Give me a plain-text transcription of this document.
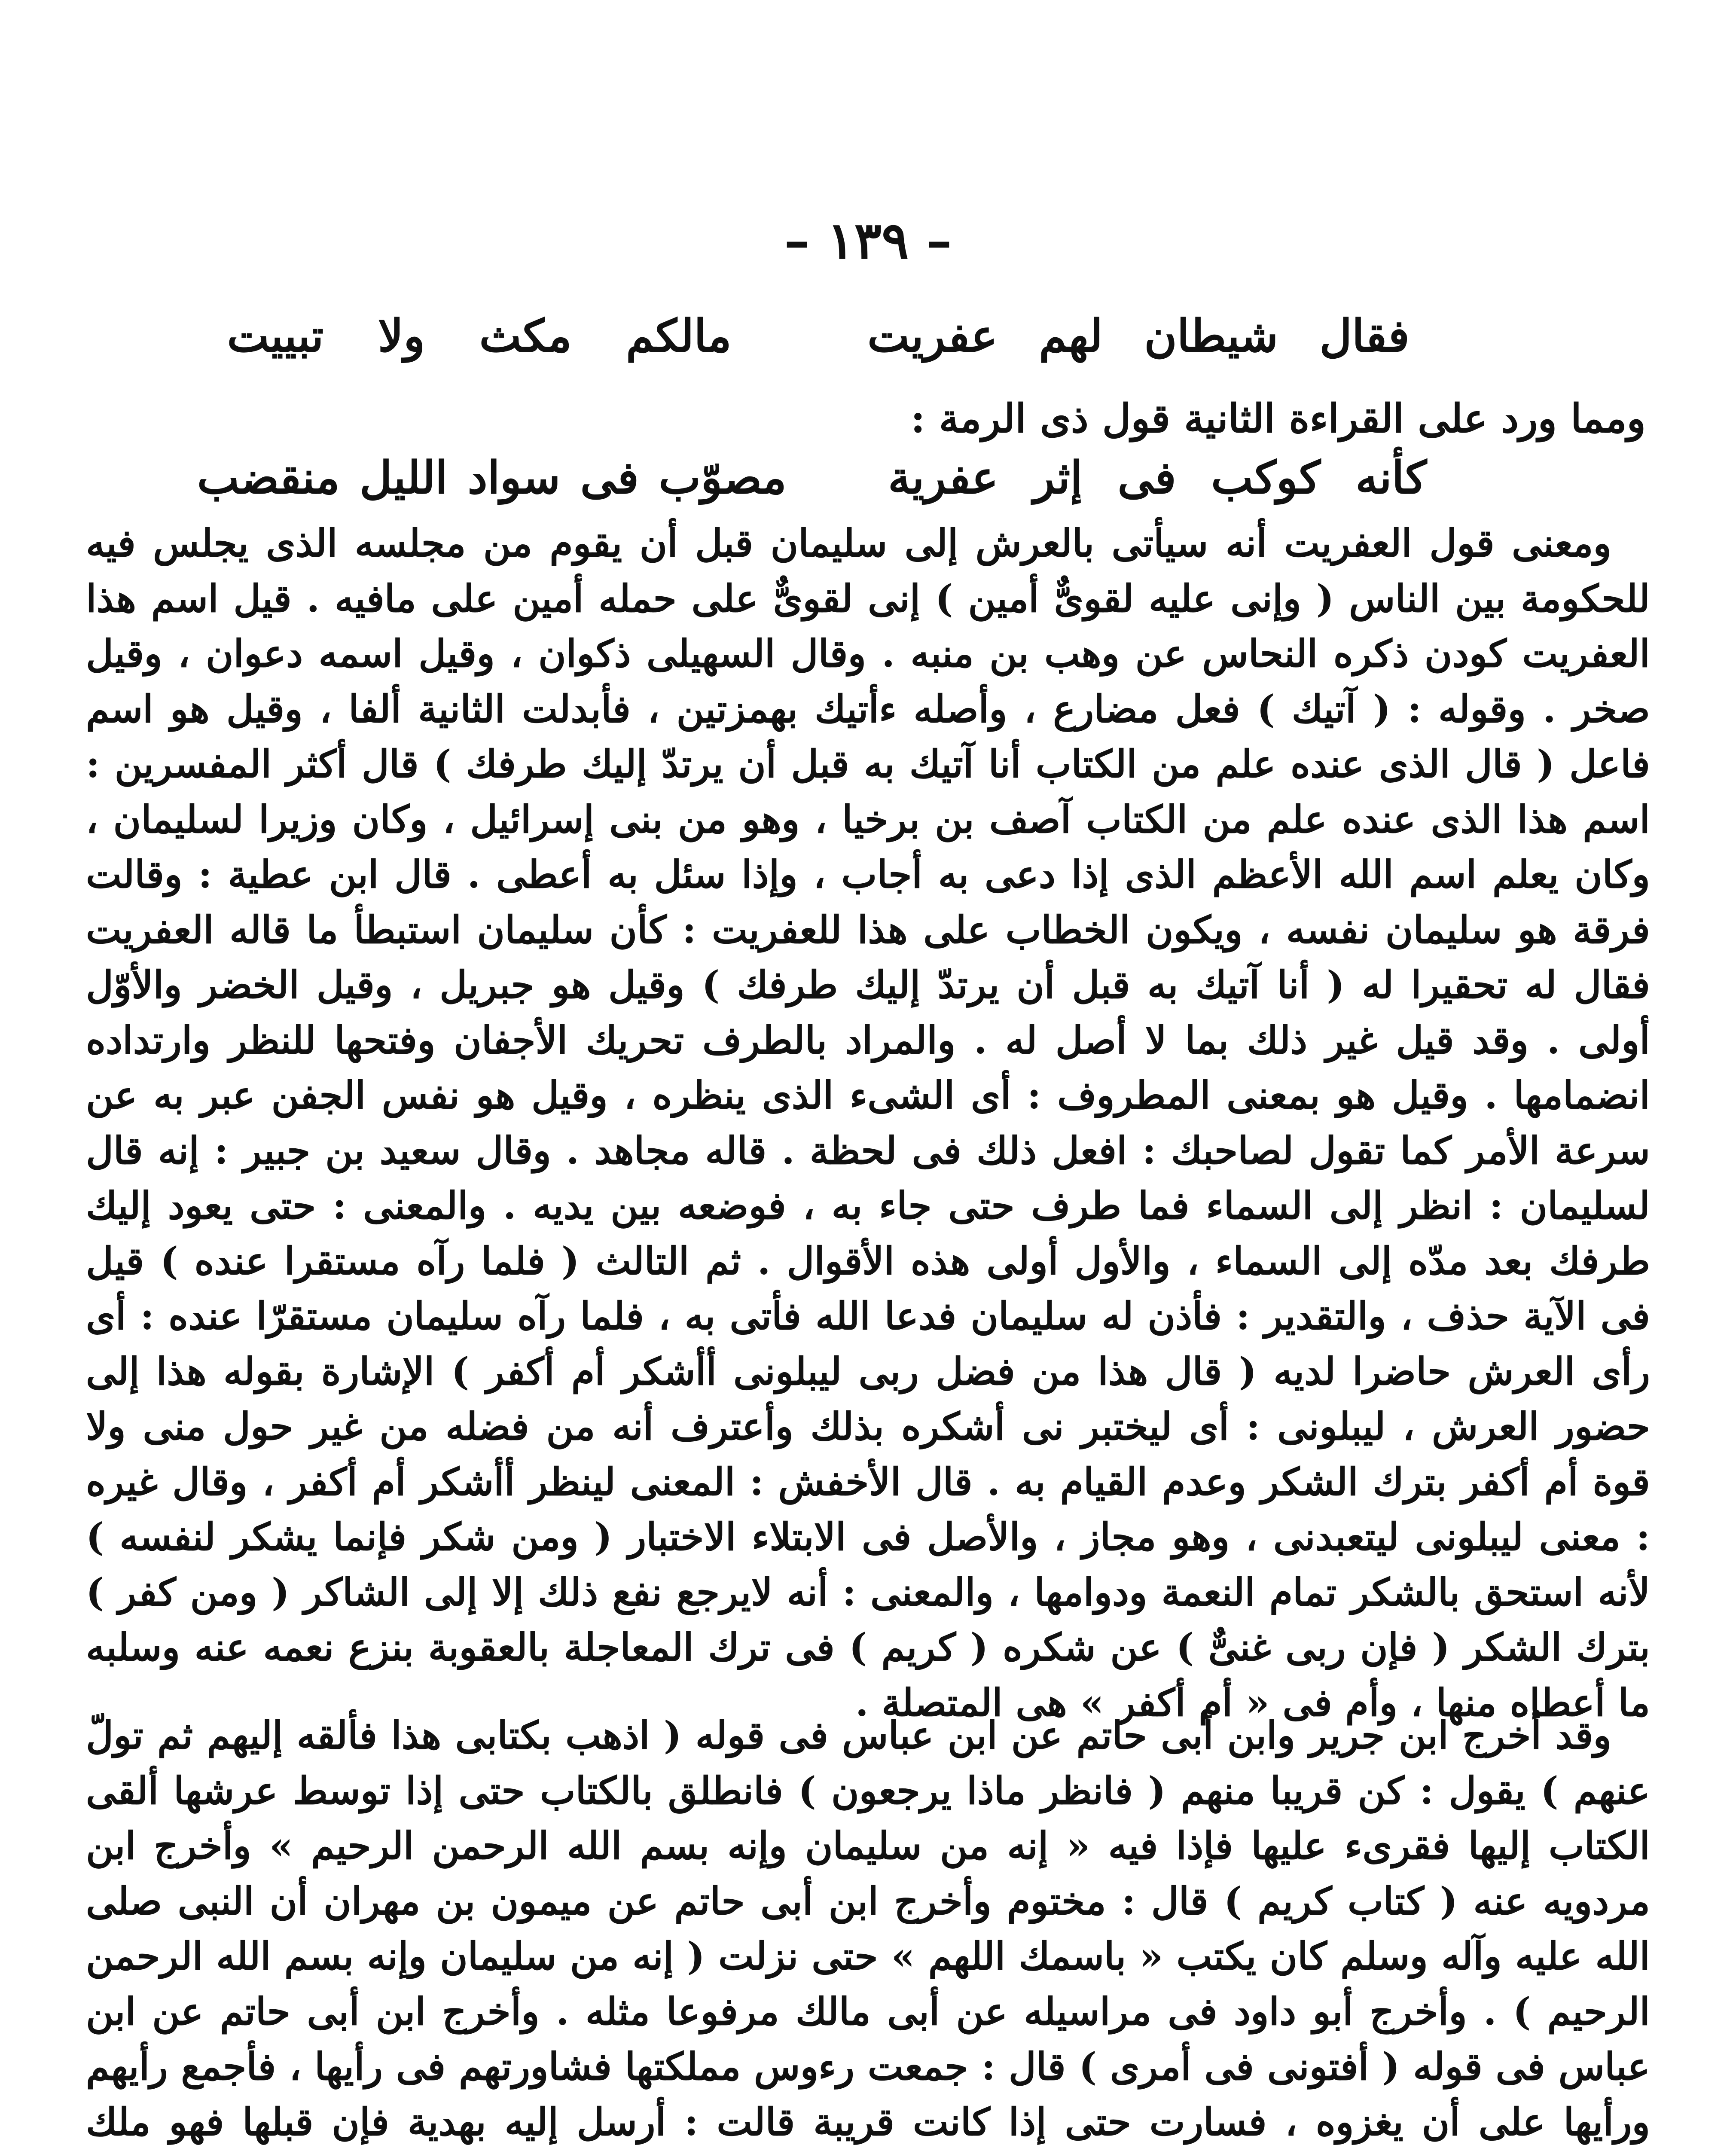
– ١٣٩ –
فقال شيطان لهم عفريت مالكم مكث ولا تبييت
ومما ورد على القراءة الثانية قول ذى الرمة :
كأنه كوكب فى إثر عفرية مصوّب فى سواد الليل منقضب

ومعنى قول العفريت أنه سيأتى بالعرش إلى سليمان قبل أن يقوم من مجلسه الذى يجلس فيه للحكومة بين الناس ( وإنى عليه لقوىٌّ أمين ) إنى لقوىٌّ على حمله أمين على مافيه . قيل اسم هذا العفريت كودن ذكره النحاس عن وهب بن منبه . وقال السهيلى ذكوان ، وقيل اسمه دعوان ، وقيل صخر . وقوله : ( آتيك ) فعل مضارع ، وأصله ءأتيك بهمزتين ، فأبدلت الثانية ألفا ، وقيل هو اسم فاعل ( قال الذى عنده علم من الكتاب أنا آتيك به قبل أن يرتدّ إليك طرفك ) قال أكثر المفسرين : اسم هذا الذى عنده علم من الكتاب آصف بن برخيا ، وهو من بنى إسرائيل ، وكان وزيرا لسليمان ، وكان يعلم اسم الله الأعظم الذى إذا دعى به أجاب ، وإذا سئل به أعطى . قال ابن عطية : وقالت فرقة هو سليمان نفسه ، ويكون الخطاب على هذا للعفريت : كأن سليمان استبطأ ما قاله العفريت فقال له تحقيرا له ( أنا آتيك به قبل أن يرتدّ إليك طرفك ) وقيل هو جبريل ، وقيل الخضر والأوّل أولى . وقد قيل غير ذلك بما لا أصل له . والمراد بالطرف تحريك الأجفان وفتحها للنظر وارتداده انضمامها . وقيل هو بمعنى المطروف : أى الشىء الذى ينظره ، وقيل هو نفس الجفن عبر به عن سرعة الأمر كما تقول لصاحبك : افعل ذلك فى لحظة . قاله مجاهد . وقال سعيد بن جبير : إنه قال لسليمان : انظر إلى السماء فما طرف حتى جاء به ، فوضعه بين يديه . والمعنى : حتى يعود إليك طرفك بعد مدّه إلى السماء ، والأول أولى هذه الأقوال . ثم التالث ( فلما رآه مستقرا عنده ) قيل فى الآية حذف ، والتقدير : فأذن له سليمان فدعا الله فأتى به ، فلما رآه سليمان مستقرّا عنده : أى رأى العرش حاضرا لديه ( قال هذا من فضل ربى ليبلونى أأشكر أم أكفر ) الإشارة بقوله هذا إلى حضور العرش ، ليبلونى : أى ليختبر نى أشكره بذلك وأعترف أنه من فضله من غير حول منى ولا قوة أم أكفر بترك الشكر وعدم القيام به . قال الأخفش : المعنى لينظر أأشكر أم أكفر ، وقال غيره : معنى ليبلونى ليتعبدنى ، وهو مجاز ، والأصل فى الابتلاء الاختبار ( ومن شكر فإنما يشكر لنفسه ) لأنه استحق بالشكر تمام النعمة ودوامها ، والمعنى : أنه لايرجع نفع ذلك إلا إلى الشاكر ( ومن كفر ) بترك الشكر ( فإن ربى غنىٌّ ) عن شكره ( كريم ) فى ترك المعاجلة بالعقوبة بنزع نعمه عنه وسلبه ما أعطاه منها ، وأم فى « أم أكفر » هى المتصلة .

وقد أخرج ابن جرير وابن أبى حاتم عن ابن عباس فى قوله ( اذهب بكتابى هذا فألقه إليهم ثم تولّ عنهم ) يقول : كن قريبا منهم ( فانظر ماذا يرجعون ) فانطلق بالكتاب حتى إذا توسط عرشها ألقى الكتاب إليها فقرىء عليها فإذا فيه « إنه من سليمان وإنه بسم الله الرحمن الرحيم » وأخرج ابن مردويه عنه ( كتاب كريم ) قال : مختوم وأخرج ابن أبى حاتم عن ميمون بن مهران أن النبى صلى الله عليه وآله وسلم كان يكتب « باسمك اللهم » حتى نزلت ( إنه من سليمان وإنه بسم الله الرحمن الرحيم ) . وأخرج أبو داود فى مراسيله عن أبى مالك مرفوعا مثله . وأخرج ابن أبى حاتم عن ابن عباس فى قوله ( أفتونى فى أمرى ) قال : جمعت رءوس مملكتها فشاورتهم فى رأيها ، فأجمع رأيهم ورأيها على أن يغزوه ، فسارت حتى إذا كانت قريبة قالت : أرسل إليه بهدية فإن قبلها فهو ملك
